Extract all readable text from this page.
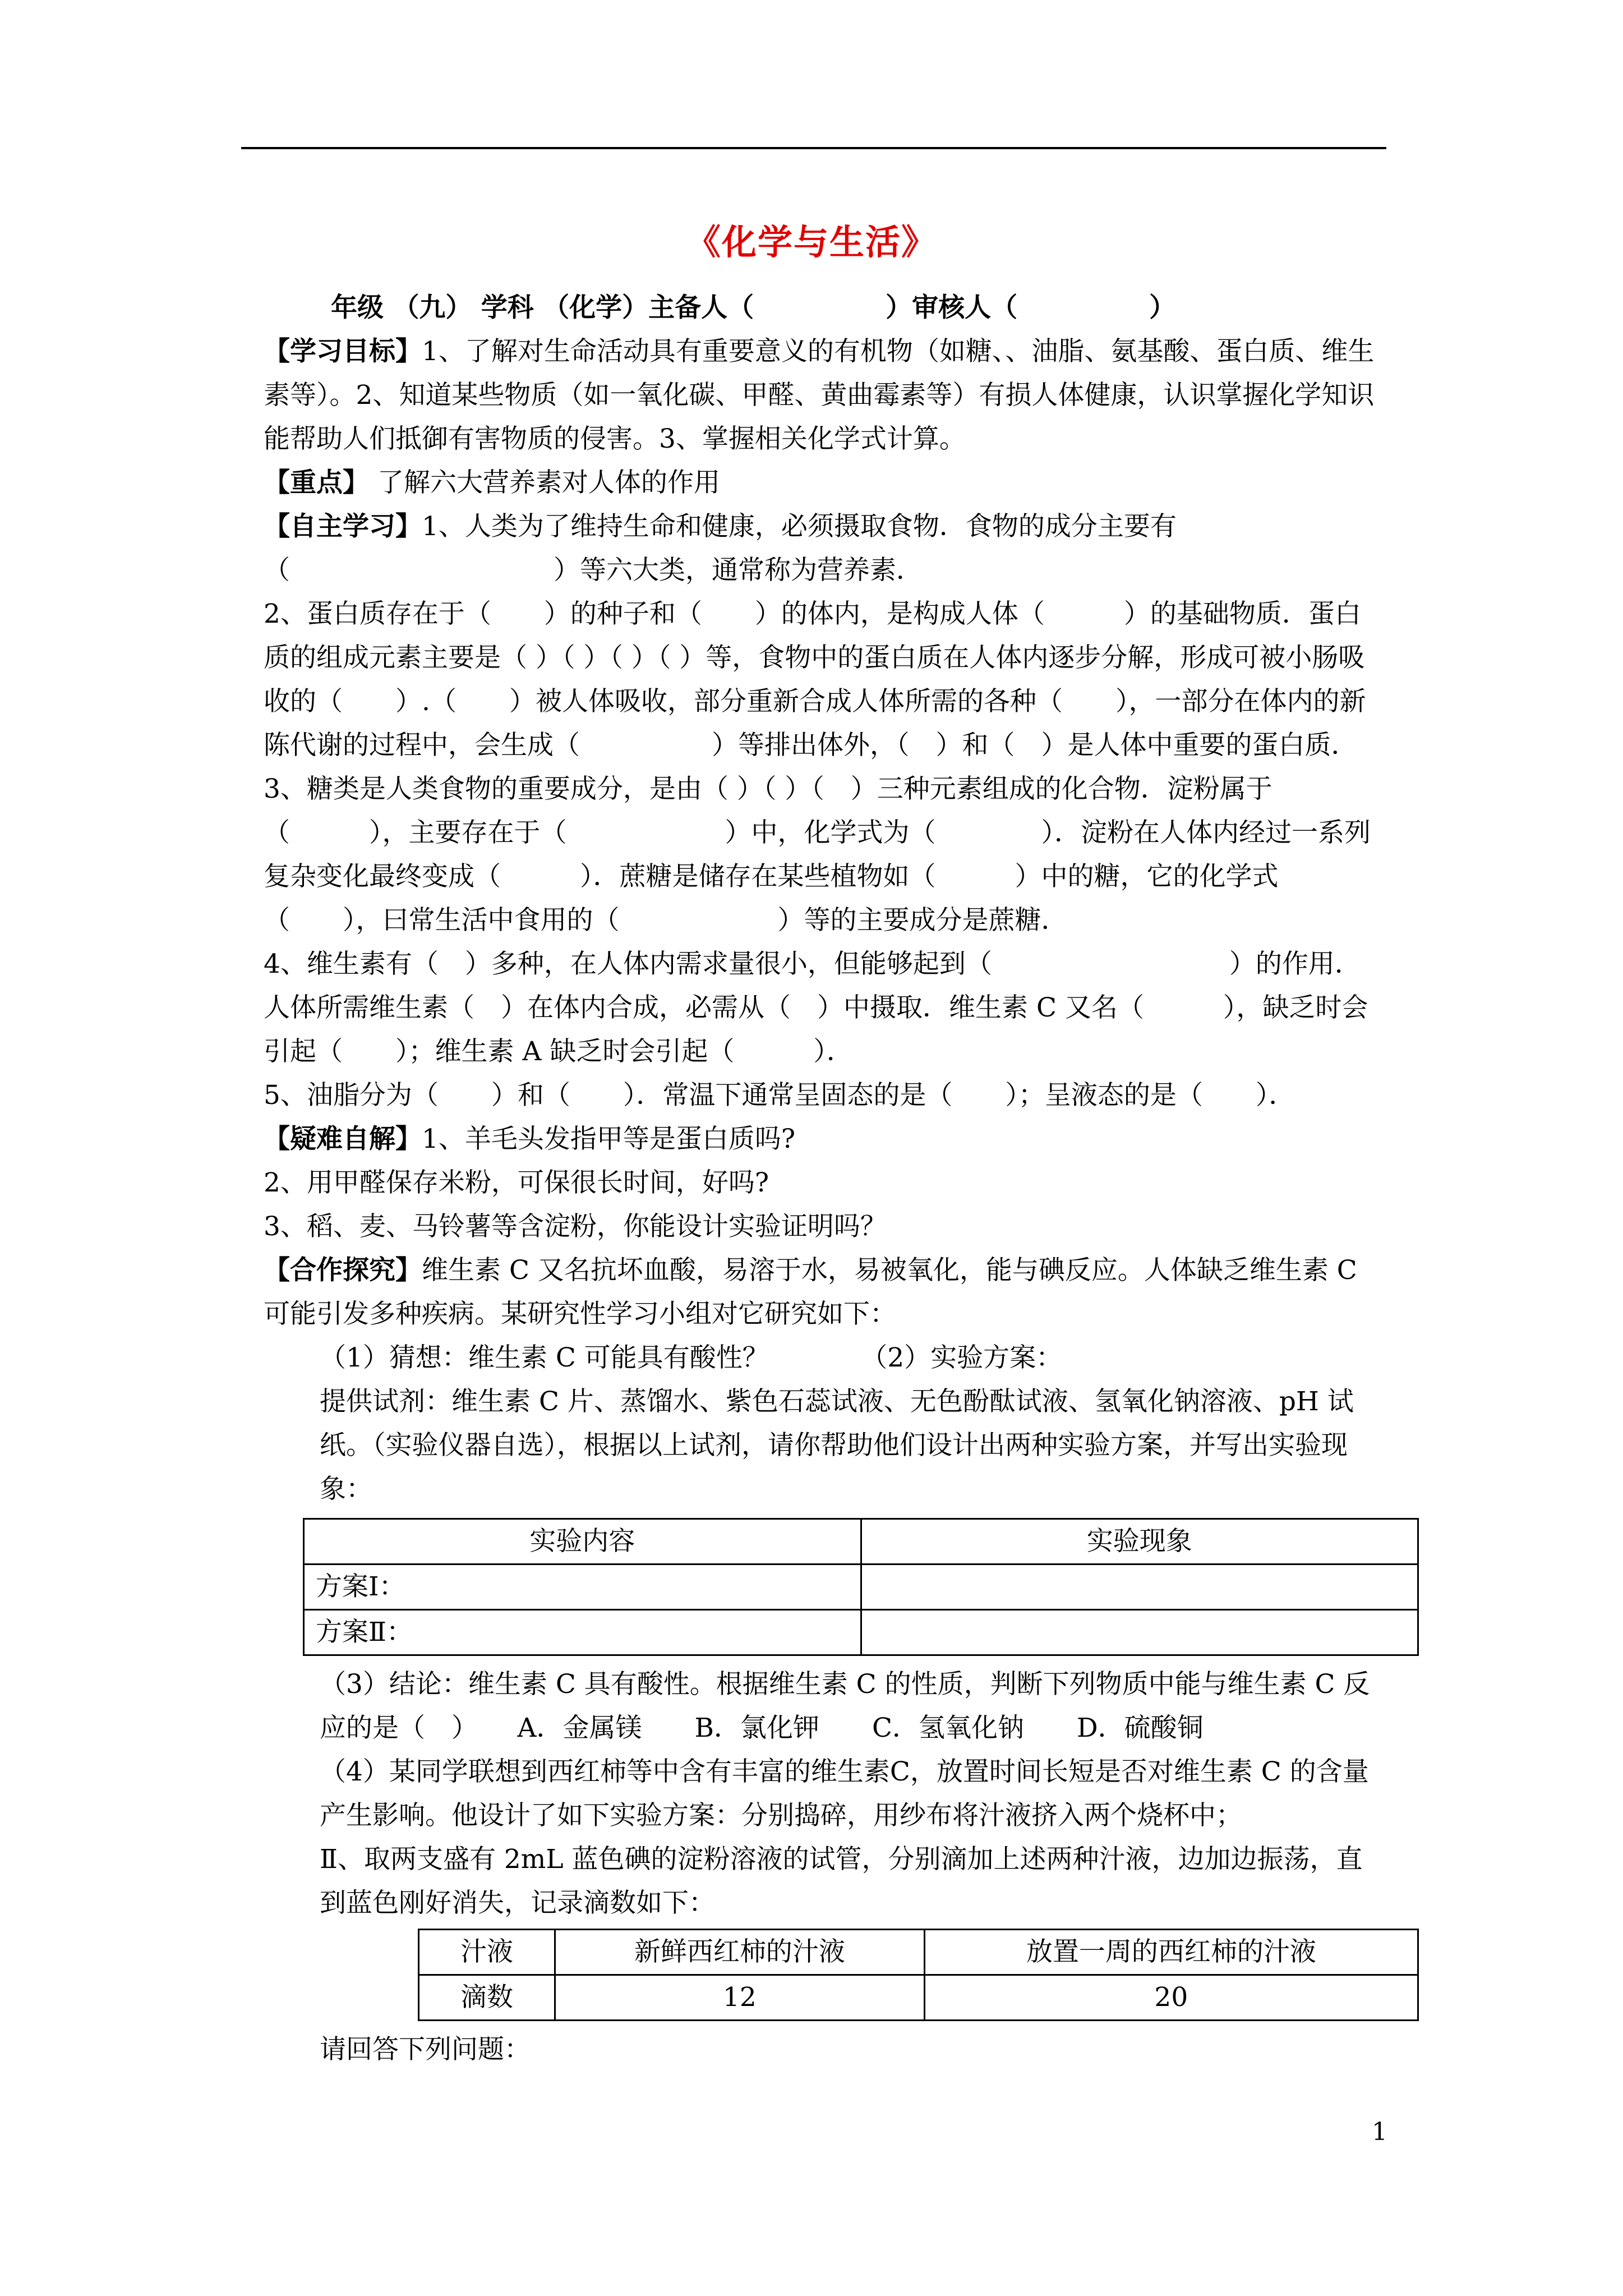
《化学与生活》

年级 （九） 学科 （化学）主备人（　　　　　）审核人（　　　　　）

【学习目标】1、了解对生命活动具有重要意义的有机物（如糖、、油脂、氨基酸、蛋白质、维生素等）。2、知道某些物质（如一氧化碳、甲醛、黄曲霉素等）有损人体健康，认识掌握化学知识能帮助人们抵御有害物质的侵害。3、掌握相关化学式计算。

【重点】 了解六大营养素对人体的作用

【自主学习】1、人类为了维持生命和健康，必须摄取食物．食物的成分主要有（　　　　　　　　　　）等六大类，通常称为营养素．

2、蛋白质存在于（　　）的种子和（　　）的体内，是构成人体（　　　）的基础物质．蛋白质的组成元素主要是（ ）（ ）（ ）（ ）等，食物中的蛋白质在人体内逐步分解，形成可被小肠吸收的（　　）.（　　）被人体吸收，部分重新合成人体所需的各种（　　），一部分在体内的新陈代谢的过程中，会生成（　　　　　）等排出体外，（　）和（　）是人体中重要的蛋白质．

3、糖类是人类食物的重要成分，是由（ ）（ ）（　）三种元素组成的化合物．淀粉属于（　　　），主要存在于（　　　　　　）中，化学式为（　　　　）．淀粉在人体内经过一系列复杂变化最终变成（　　　）．蔗糖是储存在某些植物如（　　　）中的糖，它的化学式（　　），曰常生活中食用的（　　　　　　）等的主要成分是蔗糖．

4、维生素有（　）多种，在人体内需求量很小，但能够起到（　　　　　　　　　）的作用．人体所需维生素（　）在体内合成，必需从（　）中摄取．维生素 C 又名（　　　），缺乏时会引起（　　）；维生素 A 缺乏时会引起（　　　）．

5、油脂分为（　　）和（　　）．常温下通常呈固态的是（　　）；呈液态的是（　　）．

【疑难自解】1、羊毛头发指甲等是蛋白质吗?

2、用甲醛保存米粉，可保很长时间，好吗?

3、稻、麦、马铃薯等含淀粉，你能设计实验证明吗？

【合作探究】维生素 C 又名抗坏血酸，易溶于水，易被氧化，能与碘反应。人体缺乏维生素 C 可能引发多种疾病。某研究性学习小组对它研究如下：

（1）猜想：维生素 C 可能具有酸性？　　　　	（2）实验方案：

提供试剂：维生素 C 片、蒸馏水、紫色石蕊试液、无色酚酞试液、氢氧化钠溶液、pH 试纸。（实验仪器自选），根据以上试剂，请你帮助他们设计出两种实验方案，并写出实验现象：

实验内容	实验现象
方案Ⅰ：	
方案Ⅱ：	

（3）结论：维生素 C 具有酸性。根据维生素 C 的性质，判断下列物质中能与维生素 C 反应的是（　）　　A．金属镁　　B．氯化钾　　C．氢氧化钠　　D．硫酸铜

（4）某同学联想到西红柿等中含有丰富的维生素C，放置时间长短是否对维生素 C 的含量产生影响。他设计了如下实验方案：分别捣碎，用纱布将汁液挤入两个烧杯中；

Ⅱ、取两支盛有 2mL 蓝色碘的淀粉溶液的试管，分别滴加上述两种汁液，边加边振荡，直到蓝色刚好消失，记录滴数如下：

汁液	新鲜西红柿的汁液	放置一周的西红柿的汁液
滴数	12	20

请回答下列问题：

1
